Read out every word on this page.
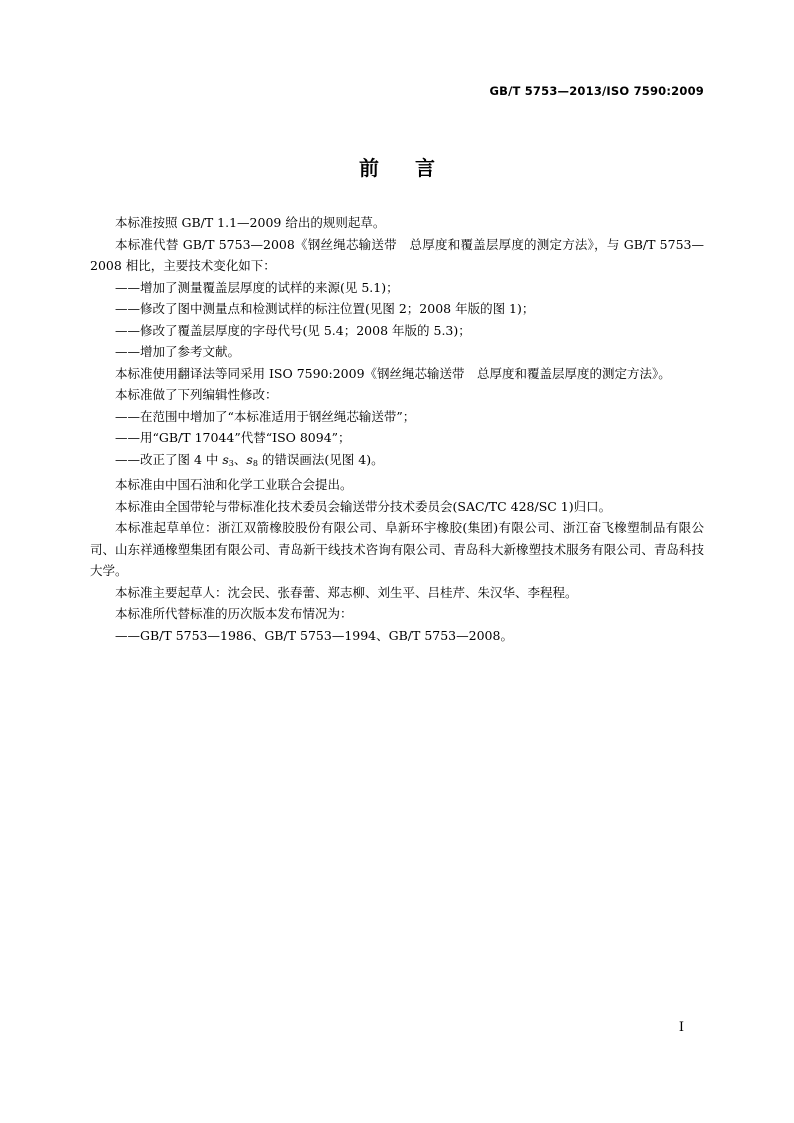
GB/T 5753—2013/ISO 7590:2009
前言

本标准按照 GB/T 1.1—2009 给出的规则起草。

本标准代替 GB/T 5753—2008《钢丝绳芯输送带　总厚度和覆盖层厚度的测定方法》，与 GB/T 5753—2008 相比，主要技术变化如下：

——增加了测量覆盖层厚度的试样的来源(见 5.1)；

——修改了图中测量点和检测试样的标注位置(见图 2；2008 年版的图 1)；

——修改了覆盖层厚度的字母代号(见 5.4；2008 年版的 5.3)；

——增加了参考文献。

本标准使用翻译法等同采用 ISO 7590:2009《钢丝绳芯输送带　总厚度和覆盖层厚度的测定方法》。

本标准做了下列编辑性修改：

——在范围中增加了“本标准适用于钢丝绳芯输送带”；

——用“GB/T 17044”代替“ISO 8094”；

——改正了图 4 中 $s_3$、$s_8$ 的错误画法(见图 4)。

本标准由中国石油和化学工业联合会提出。

本标准由全国带轮与带标准化技术委员会输送带分技术委员会(SAC/TC 428/SC 1)归口。

本标准起草单位：浙江双箭橡胶股份有限公司、阜新环宇橡胶(集团)有限公司、浙江奋飞橡塑制品有限公司、山东祥通橡塑集团有限公司、青岛新干线技术咨询有限公司、青岛科大新橡塑技术服务有限公司、青岛科技大学。

本标准主要起草人：沈会民、张春蕾、郑志柳、刘生平、吕桂芹、朱汉华、李程程。

本标准所代替标准的历次版本发布情况为：

——GB/T 5753—1986、GB/T 5753—1994、GB/T 5753—2008。

I
